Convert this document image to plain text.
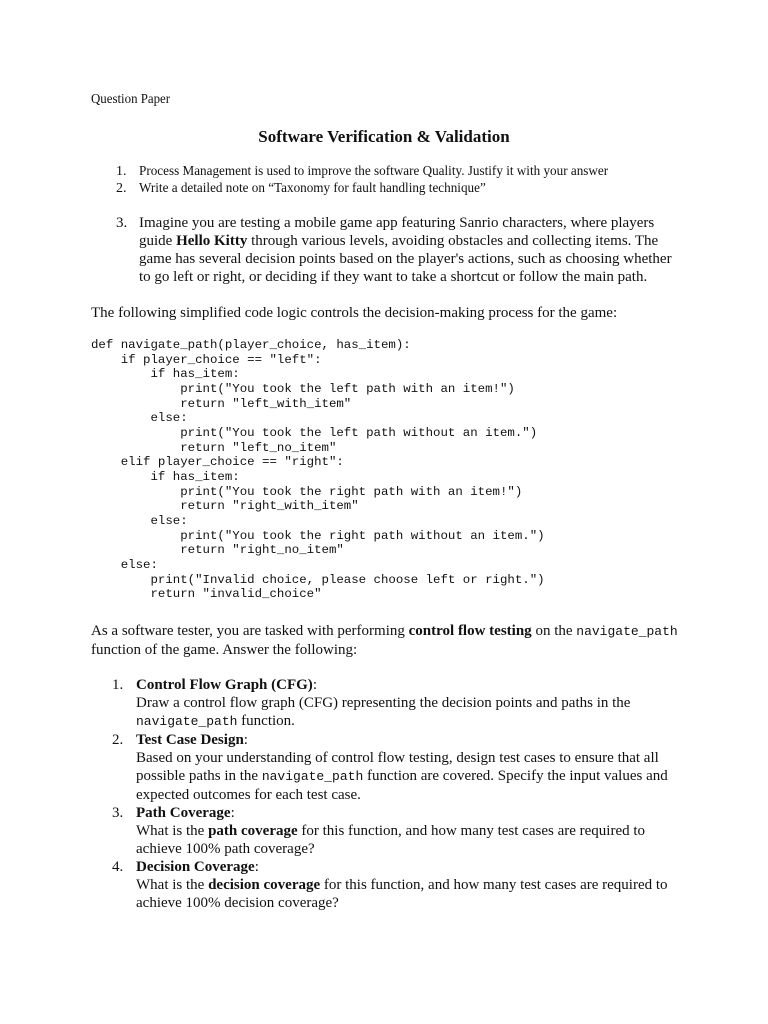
Question Paper
Software Verification & Validation
1. Process Management is used to improve the software Quality. Justify it with your answer
2. Write a detailed note on “Taxonomy for fault handling technique”
3. Imagine you are testing a mobile game app featuring Sanrio characters, where players guide Hello Kitty through various levels, avoiding obstacles and collecting items. The game has several decision points based on the player's actions, such as choosing whether to go left or right, or deciding if they want to take a shortcut or follow the main path.
The following simplified code logic controls the decision-making process for the game:
def navigate_path(player_choice, has_item):
if player_choice == "left":
if has_item:
print("You took the left path with an item!")
return "left_with_item"
else:
print("You took the left path without an item.")
return "left_no_item"
elif player_choice == "right":
if has_item:
print("You took the right path with an item!")
return "right_with_item"
else:
print("You took the right path without an item.")
return "right_no_item"
else:
print("Invalid choice, please choose left or right.")
return "invalid_choice"
As a software tester, you are tasked with performing control flow testing on the navigate_path function of the game. Answer the following:
1. Control Flow Graph (CFG):
Draw a control flow graph (CFG) representing the decision points and paths in the navigate_path function.
2. Test Case Design:
Based on your understanding of control flow testing, design test cases to ensure that all possible paths in the navigate_path function are covered. Specify the input values and expected outcomes for each test case.
3. Path Coverage:
What is the path coverage for this function, and how many test cases are required to achieve 100% path coverage?
4. Decision Coverage:
What is the decision coverage for this function, and how many test cases are required to achieve 100% decision coverage?
